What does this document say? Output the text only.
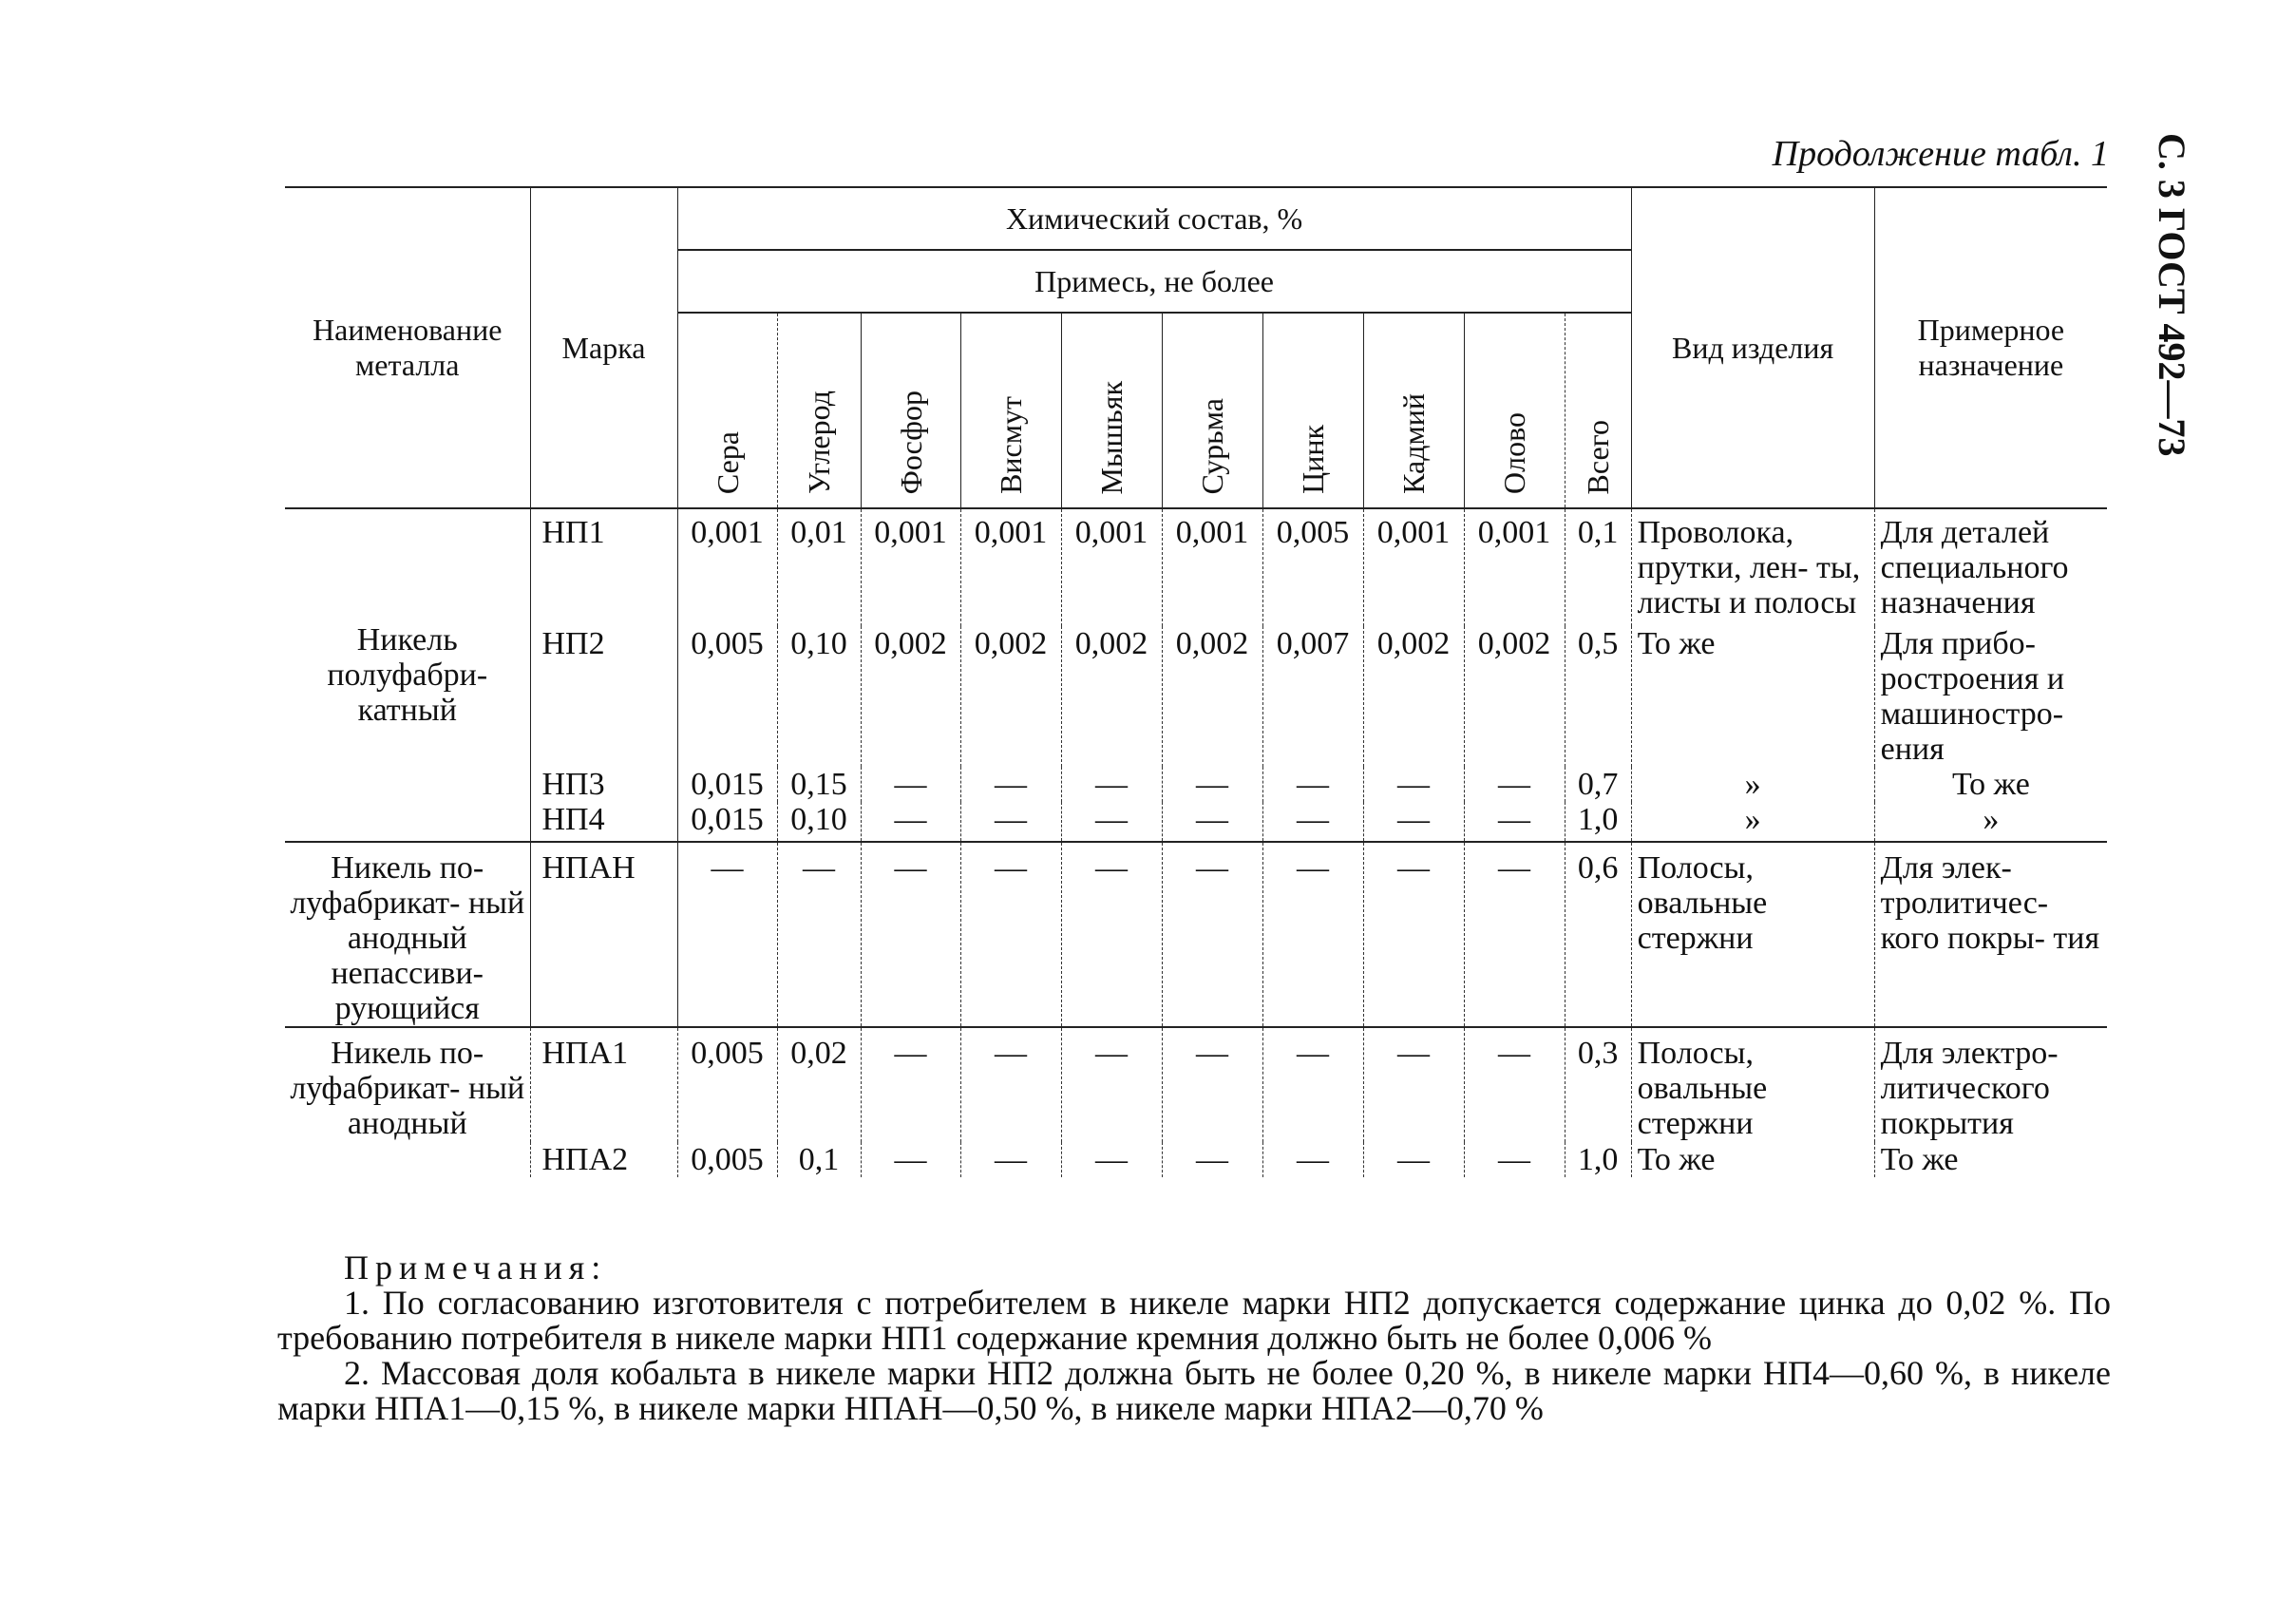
С. 3 ГОСТ 492—73
Продолжение табл. 1
Наименование металла	Марка	Химический состав, %										Вид изделия	Примерное назначение
		Примесь, не более											

		Сера	Углерод	Фосфор	Висмут	Мышьяк	Сурьма	Цинк	Кадмий	Олово	Всего		

Никель полуфабри- катный	НП1	0,001	0,01	0,001	0,001	0,001	0,001	0,005	0,001	0,001	0,1	Проволока, прутки, лен- ты, листы и полосы	Для деталей специального назначения
	НП2	0,005	0,10	0,002	0,002	0,002	0,002	0,007	0,002	0,002	0,5	То же	Для прибо- ростроения и машиностро- ения
	НП3	0,015	0,15	—	—	—	—	—	—	—	0,7	»	То же
	НП4	0,015	0,10	—	—	—	—	—	—	—	1,0	»	»
Никель по- луфабрикат- ный анодный непассиви- рующийся	НПАН	—	—	—	—	—	—	—	—	—	0,6	Полосы, овальные стержни	Для элек- тролитичес- кого покры- тия
Никель по- луфабрикат- ный анодный	НПА1	0,005	0,02	—	—	—	—	—	—	—	0,3	Полосы, овальные стержни	Для электро- литического покрытия
	НПА2	0,005	0,1	—	—	—	—	—	—	—	1,0	То же	То же
Примечания:

1. По согласованию изготовителя с потребителем в никеле марки НП2 допускается содержание цинка до 0,02 %. По требованию потребителя в никеле марки НП1 содержание кремния должно быть не более 0,006 %

2. Массовая доля кобальта в никеле марки НП2 должна быть не более 0,20 %, в никеле марки НП4—0,60 %, в никеле марки НПА1—0,15 %, в никеле марки НПАН—0,50 %, в никеле марки НПА2—0,70 %
